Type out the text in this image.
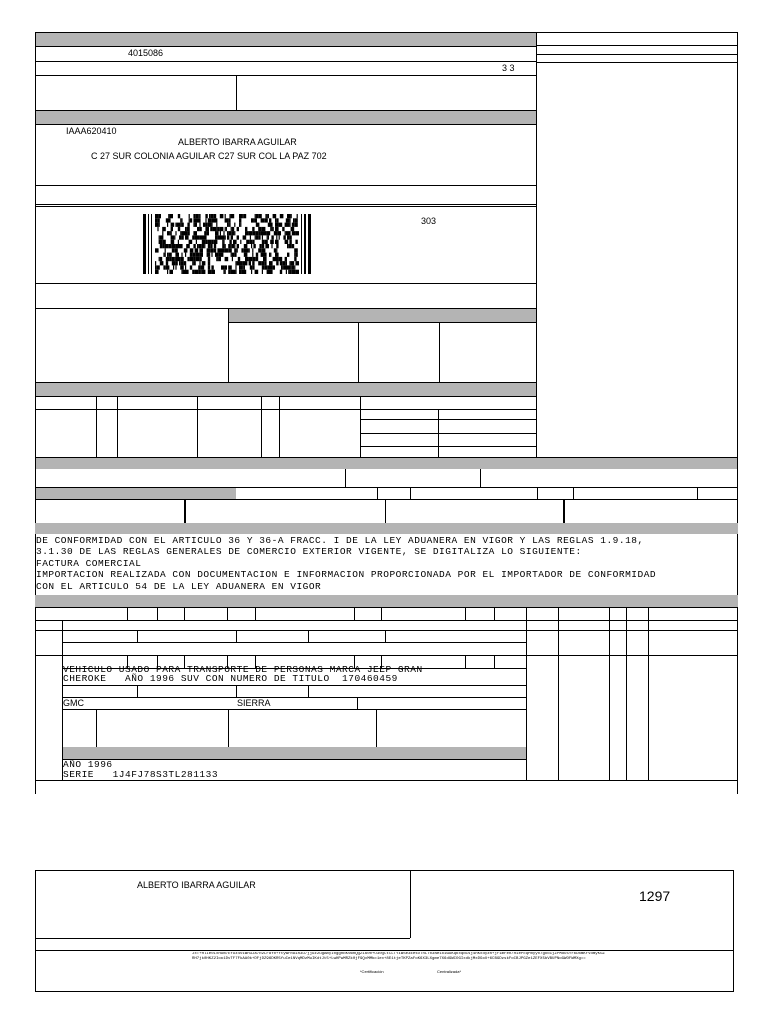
4015086
3 3
IAAA620410
ALBERTO IBARRA AGUILAR
C 27 SUR COLONIA AGUILAR C27 SUR COL LA PAZ 702
303
DE CONFORMIDAD CON EL ARTICULO 36 Y 36-A FRACC. I DE LA LEY ADUANERA EN VIGOR Y LAS REGLAS 1.9.18,
3.1.30 DE LAS REGLAS GENERALES DE COMERCIO EXTERIOR VIGENTE, SE DIGITALIZA LO SIGUIENTE:
FACTURA COMERCIAL
IMPORTACION REALIZADA CON DOCUMENTACION E INFORMACION PROPORCIONADA POR EL IMPORTADOR DE CONFORMIDAD
CON EL ARTICULO 54 DE LA LEY ADUANERA EN VIGOR
VEHICULO USADO PARA TRANSPORTE DE PERSONAS MARCA JEEP GRAN
CHEROKE   AÑO 1996 SUV CON NUMERO DE TITULO  170460459
GMC	SIERRA
AÑO 1996
SERIE   1J4FJ78S3TL281133
ALBERTO IBARRA AGUILAR
1297
JxT+HlIe0IxHum/Efuz4v1WH3Ja/R2LF8Y0+YtyWFRA1R3u/jjuz2ugAmyI0ggRbKvWRQQZ1600+U30QCtCLTYiWSe3kesUTnLT03Ne1o1wuKqbxqN1sj4nKxdyzR+jf1mFen/H1ePcqPmyy07gOo1jZPMdU5YrbDbmKfVdmyKGZ
RH7jk0HKZ2Ioo1DvTF7FkAA0k+DFjDZ96DKR5fuCe1NVqMDzMuIKdtJt5+LwHPwMRZk0jF9QxMMbc1ex+8E1tjeTKPZaFoK6X3LXgme7X6dGWCOGIxdkjMxDGoU+6CBGDzskFoCBJPGZe1ZEFX5bVBUPNoGWOFWMXg==
*Certificación	Centralizada*
